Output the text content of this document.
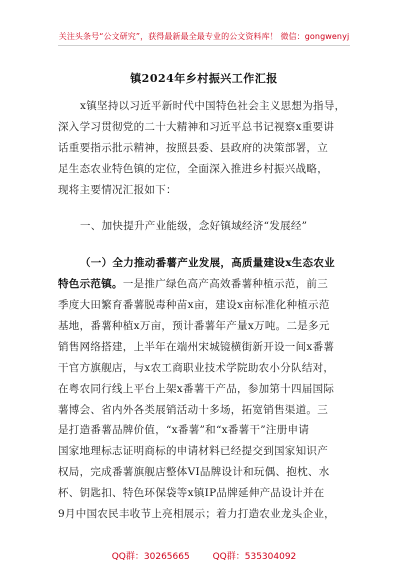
关注头条号“公文研究”，获得最新最全最专业的公文资料库！ 微信：gongwenyj
镇2024年乡村振兴工作汇报
x镇坚持以习近平新时代中国特色社会主义思想为指导，
深入学习贯彻党的二十大精神和习近平总书记视察x重要讲
话重要指示批示精神，按照县委、县政府的决策部署，立
足生态农业特色镇的定位，全面深入推进乡村振兴战略，
现将主要情况汇报如下：
一、加快提升产业能级，念好镇域经济“发展经”
（一）全力推动番薯产业发展，高质量建设x生态农业
特色示范镇。一是推广绿色高产高效番薯种植示范，前三
季度大田繁育番薯脱毒种苗x亩，建设x亩标准化种植示范
基地，番薯种植x万亩，预计番薯年产量x万吨。二是多元
销售网络搭建，上半年在端州宋城镜横街新开设一间x番薯
干官方旗舰店，与x农工商职业技术学院助农小分队结对，
在粤农同行线上平台上架x番薯干产品，参加第十四届国际
薯博会、省内外各类展销活动十多场，拓宽销售渠道。三
是打造番薯品牌价值，“x番薯”和“x番薯干”注册申请
国家地理标志证明商标的申请材料已经提交到国家知识产
权局，完成番薯旗舰店整体VI品牌设计和玩偶、抱枕、水
杯、钥匙扣、特色环保袋等x镇IP品牌延伸产品设计并在
9月中国农民丰收节上亮相展示；着力打造农业龙头企业，
QQ群：30265665	QQ群：535304092
